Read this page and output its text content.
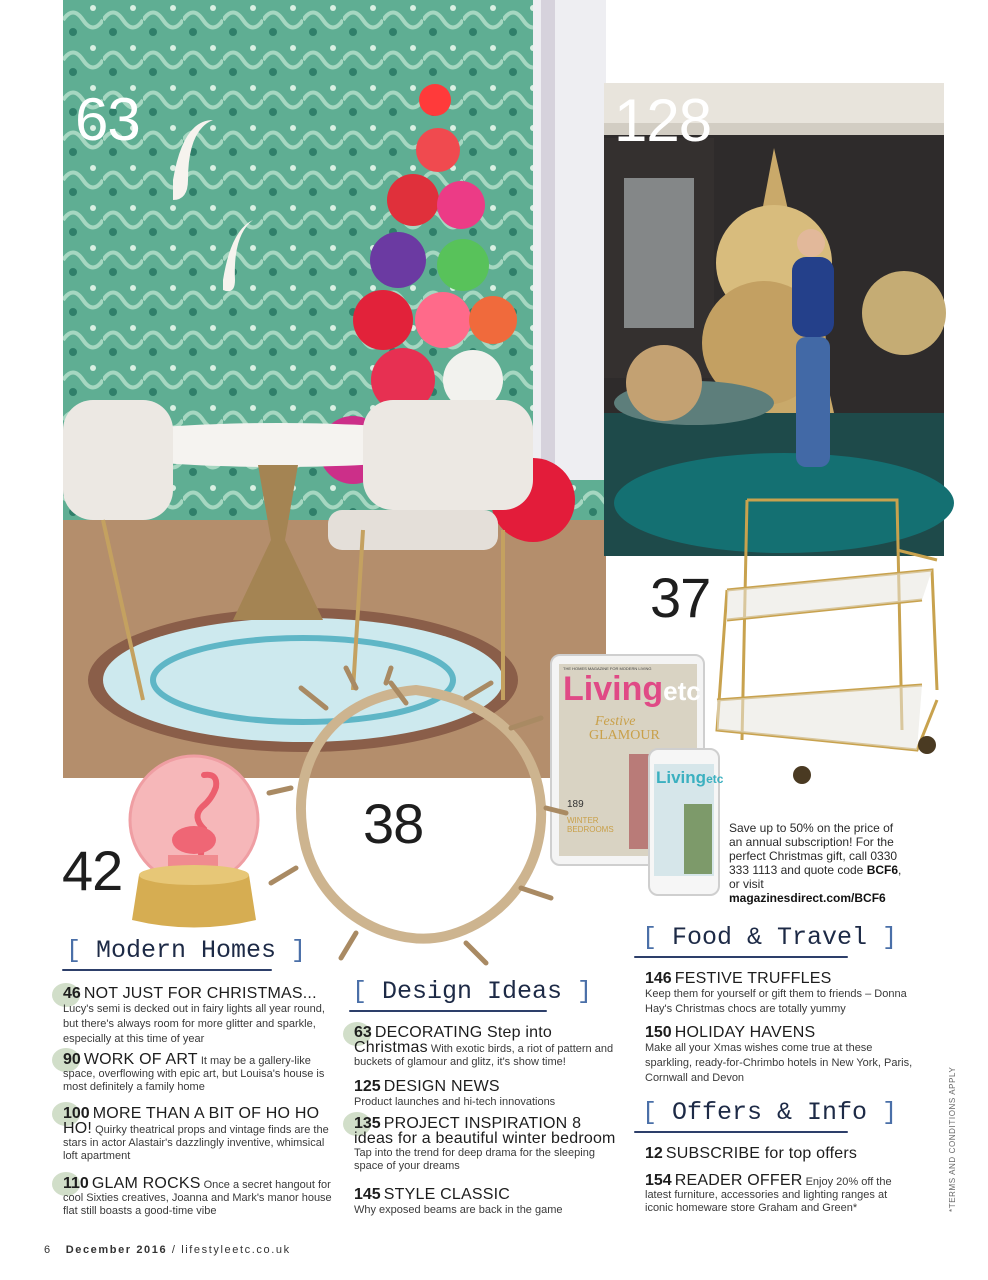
63	128
37
THE HOMES MAGAZINE FOR MODERN LIVING
Livingetc
Festive
GLAMOUR
189
WINTER BEDROOMS
Livingetc
Save up to 50% on the price of an annual subscription! For the perfect Christmas gift, call 0330 333 1113 and quote code BCF6, or visit magazinesdirect.com/BCF6
38
42
[ Modern Homes ]
46 NOT JUST FOR CHRISTMAS...
Lucy's semi is decked out in fairy lights all year round, but there's always room for more glitter and sparkle, especially at this time of year
90 WORK OF ART It may be a gallery-like space, overflowing with epic art, but Louisa's house is most definitely a family home
100 MORE THAN A BIT OF HO HO HO! Quirky theatrical props and vintage finds are the stars in actor Alastair's dazzlingly inventive, whimsical loft apartment
110 GLAM ROCKS Once a secret hangout for cool Sixties creatives, Joanna and Mark's manor house flat still boasts a good-time vibe
[ Design Ideas ]
63 DECORATING Step into Christmas With exotic birds, a riot of pattern and buckets of glamour and glitz, it's show time!
125 DESIGN NEWS
Product launches and hi-tech innovations
135 PROJECT INSPIRATION 8 ideas for a beautiful winter bedroom Tap into the trend for deep drama for the sleeping space of your dreams
145 STYLE CLASSIC
Why exposed beams are back in the game
[ Food & Travel ]
146 FESTIVE TRUFFLES
Keep them for yourself or gift them to friends – Donna Hay's Christmas chocs are totally yummy
150 HOLIDAY HAVENS
Make all your Xmas wishes come true at these sparkling, ready-for-Chrimbo hotels in New York, Paris, Cornwall and Devon
[ Offers & Info ]
12 SUBSCRIBE for top offers
154 READER OFFER Enjoy 20% off the latest furniture, accessories and lighting ranges at iconic homeware store Graham and Green*	*TERMS AND CONDITIONS APPLY
6 December 2016 / lifestyleetc.co.uk
